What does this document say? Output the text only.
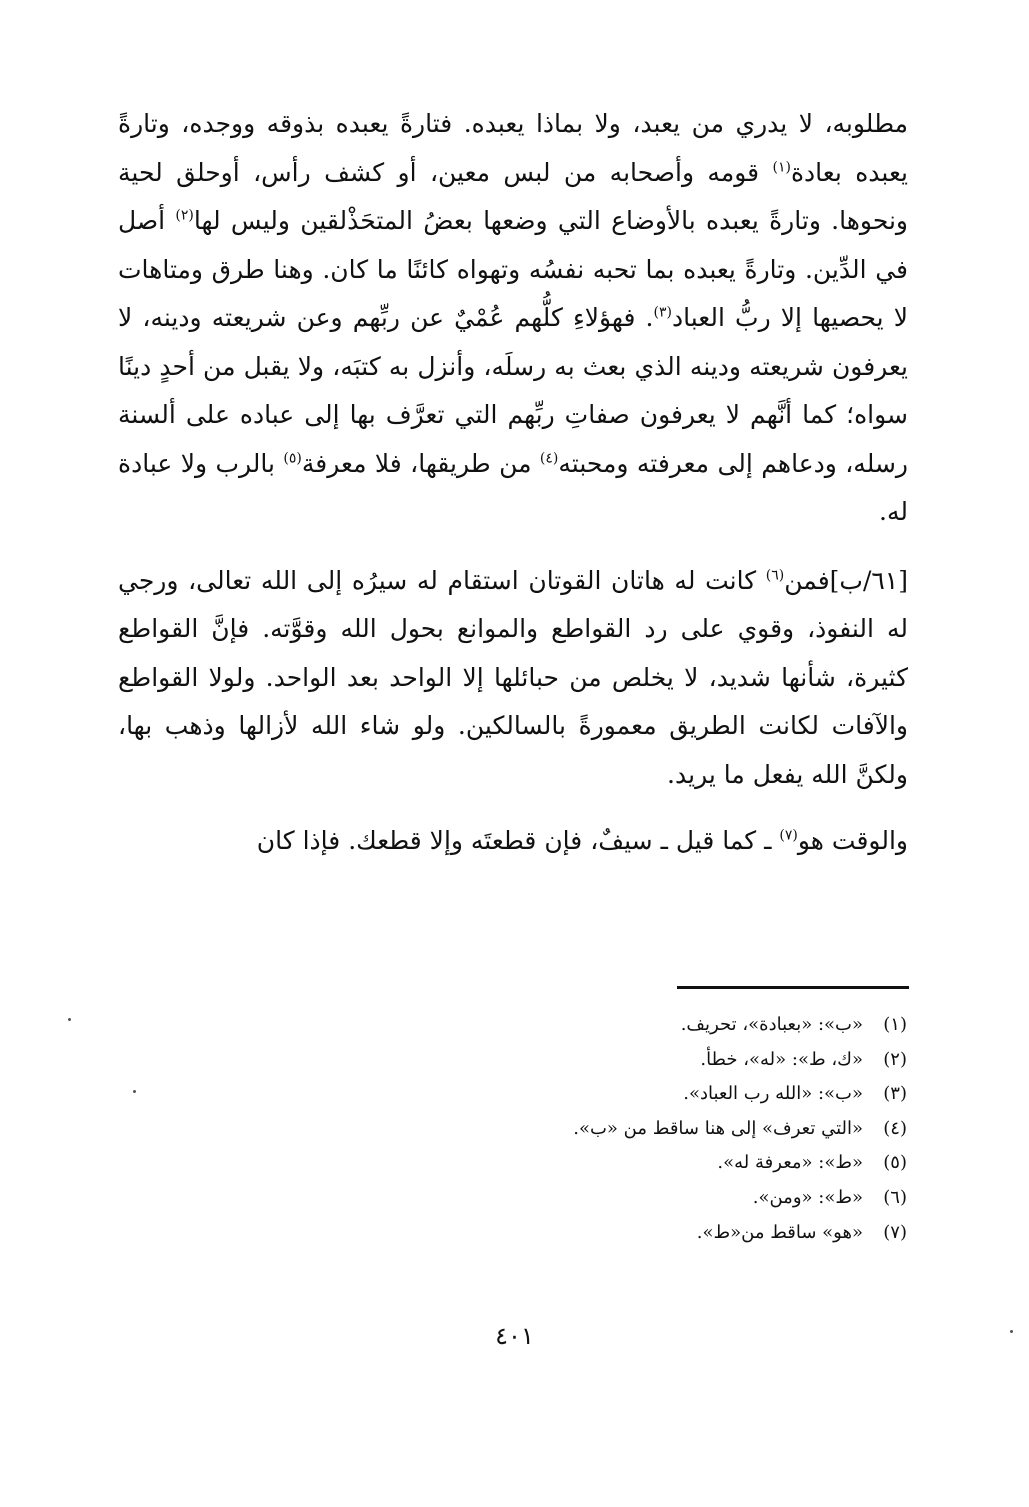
مطلوبه، لا يدري من يعبد، ولا بماذا يعبده. فتارةً يعبده بذوقه ووجده، وتارةً يعبده بعادة$^{(١)}$ قومه وأصحابه من لبس معين، أو كشف رأس، أوحلق لحية ونحوها. وتارةً يعبده بالأوضاع التي وضعها بعضُ المتحَذْلقين وليس لها$^{(٢)}$ أصل في الدِّين. وتارةً يعبده بما تحبه نفسُه وتهواه كائنًا ما كان. وهنا طرق ومتاهات لا يحصيها إلا ربُّ العباد$^{(٣)}$. فهؤلاءِ كلُّهم عُمْيٌ عن ربِّهم وعن شريعته ودينه، لا يعرفون شريعته ودينه الذي بعث به رسلَه، وأنزل به كتبَه، ولا يقبل من أحدٍ دينًا سواه؛ كما أنَّهم لا يعرفون صفاتِ ربِّهم التي تعرَّف بها إلى عباده على ألسنة رسله، ودعاهم إلى معرفته ومحبته$^{(٤)}$ من طريقها، فلا معرفة$^{(٥)}$ بالرب ولا عبادة له.

[٦١/ب]فمن$^{(٦)}$ كانت له هاتان القوتان استقام له سيرُه إلى الله تعالى، ورجي له النفوذ، وقوي على رد القواطع والموانع بحول الله وقوَّته. فإنَّ القواطع كثيرة، شأنها شديد، لا يخلص من حبائلها إلا الواحد بعد الواحد. ولولا القواطع والآفات لكانت الطريق معمورةً بالسالكين. ولو شاء الله لأزالها وذهب بها، ولكنَّ الله يفعل ما يريد.

والوقت هو$^{(٧)}$ ـ كما قيل ـ سيفٌ، فإن قطعتَه وإلا قطعك. فإذا كان

(١)«ب»: «بعبادة»، تحريف.
(٢)«ك، ط»: «له»، خطأ.
(٣)«ب»: «الله رب العباد».
(٤)«التي تعرف» إلى هنا ساقط من «ب».
(٥)«ط»: «معرفة له».
(٦)«ط»: «ومن».
(٧)«هو» ساقط من«ط».
٤٠١
